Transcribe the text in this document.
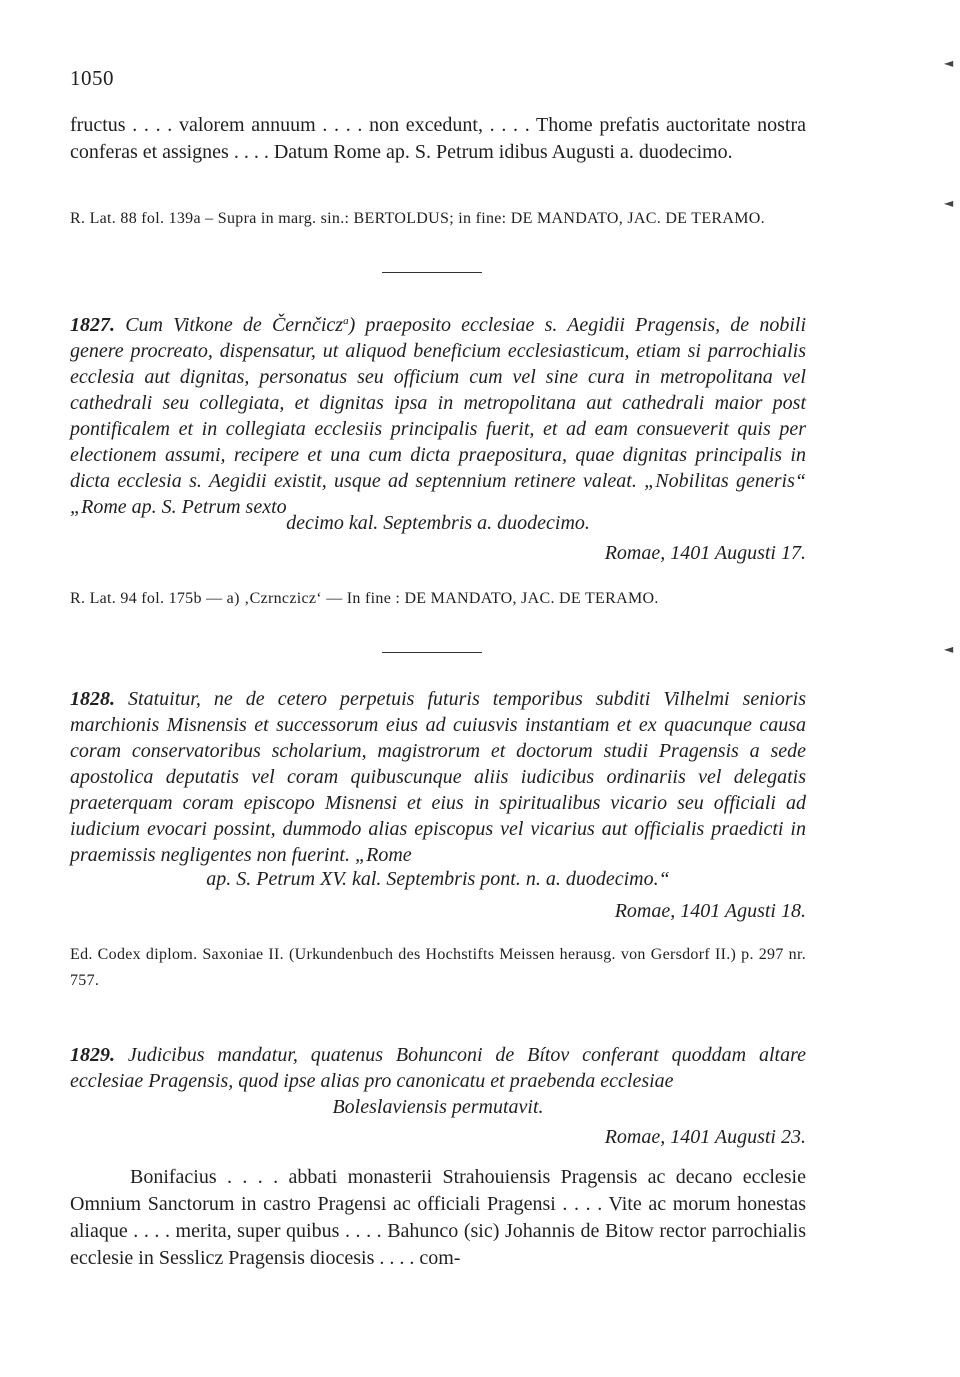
1050
fructus . . . . valorem annuum . . . . non excedunt, . . . . Thome prefatis auctoritate nostra conferas et assignes . . . . Datum Rome ap. S. Petrum idibus Augusti a. duodecimo.
R. Lat. 88 fol. 139a – Supra in marg. sin.: BERTOLDUS; in fine: DE MANDATO, JAC. DE TERAMO.
1827. Cum Vitkone de Černčicz$^a$) praeposito ecclesiae s. Aegidii Pragensis, de nobili genere procreato, dispensatur, ut aliquod beneficium ecclesiasticum, etiam si parrochialis ecclesia aut dignitas, personatus seu officium cum vel sine cura in metropolitana vel cathedrali seu collegiata, et dignitas ipsa in metropolitana aut cathedrali maior post pontificalem et in collegiata ecclesiis principalis fuerit, et ad eam consueverit quis per electionem assumi, recipere et una cum dicta praepositura, quae dignitas principalis in dicta ecclesia s. Aegidii existit, usque ad septennium retinere valeat. „Nobilitas generis“ „Rome ap. S. Petrum sexto
decimo kal. Septembris a. duodecimo.
Romae, 1401 Augusti 17.
R. Lat. 94 fol. 175b — a) ‚Czrnczicz‘ — In fine : DE MANDATO, JAC. DE TERAMO.
1828. Statuitur, ne de cetero perpetuis futuris temporibus subditi Vilhelmi senioris marchionis Misnensis et successorum eius ad cuiusvis instantiam et ex quacunque causa coram conservatoribus scholarium, magistrorum et doctorum studii Pragensis a sede apostolica deputatis vel coram quibuscunque aliis iudicibus ordinariis vel delegatis praeterquam coram episcopo Misnensi et eius in spiritualibus vicario seu officiali ad iudicium evocari possint, dummodo alias episcopus vel vicarius aut officialis praedicti in praemissis negligentes non fuerint. „Rome
ap. S. Petrum XV. kal. Septembris pont. n. a. duodecimo.“
Romae, 1401 Agusti 18.
Ed. Codex diplom. Saxoniae II. (Urkundenbuch des Hochstifts Meissen herausg. von Gersdorf II.) p. 297 nr. 757.
1829. Judicibus mandatur, quatenus Bohunconi de Bítov conferant quoddam altare ecclesiae Pragensis, quod ipse alias pro canonicatu et praebenda ecclesiae
Boleslaviensis permutavit.
Romae, 1401 Augusti 23.
Bonifacius . . . . abbati monasterii Strahouiensis Pragensis ac decano ecclesie Omnium Sanctorum in castro Pragensi ac officiali Pragensi . . . . Vite ac morum honestas aliaque . . . . merita, super quibus . . . . Bahunco (sic) Johannis de Bitow rector parrochialis ecclesie in Sesslicz Pragensis diocesis . . . . com-
◄
◄
◄
